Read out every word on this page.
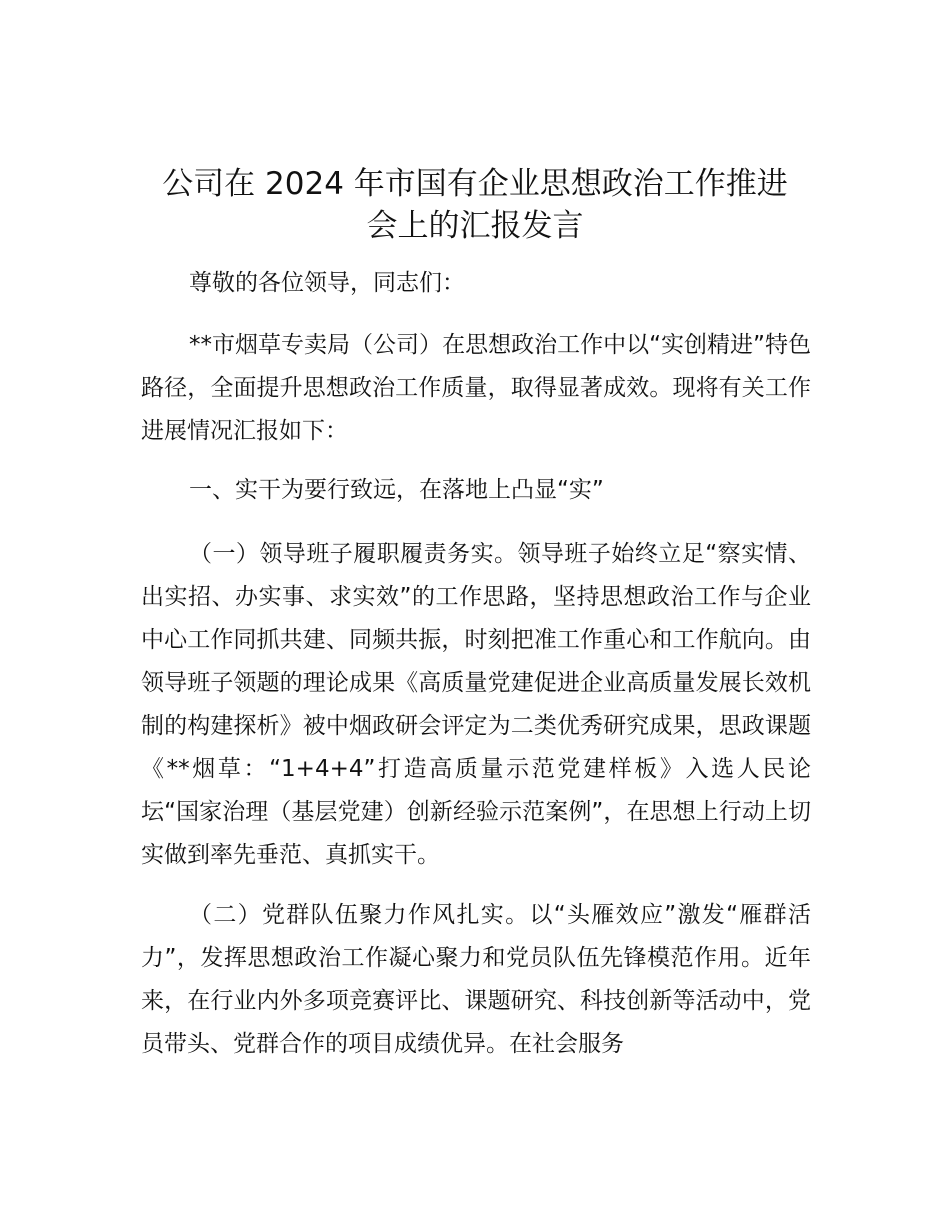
公司在 2024 年市国有企业思想政治工作推进
会上的汇报发言

尊敬的各位领导，同志们：

**市烟草专卖局（公司）在思想政治工作中以“实创精进”特色路径，全面提升思想政治工作质量，取得显著成效。现将有关工作进展情况汇报如下：

一、实干为要行致远，在落地上凸显“实”

（一）领导班子履职履责务实。领导班子始终立足“察实情、出实招、办实事、求实效”的工作思路，坚持思想政治工作与企业中心工作同抓共建、同频共振，时刻把准工作重心和工作航向。由领导班子领题的理论成果《高质量党建促进企业高质量发展长效机制的构建探析》被中烟政研会评定为二类优秀研究成果，思政课题《**烟草：“1+4+4”打造高质量示范党建样板》入选人民论坛“国家治理（基层党建）创新经验示范案例”，在思想上行动上切实做到率先垂范、真抓实干。

（二）党群队伍聚力作风扎实。以“头雁效应”激发“雁群活力”，发挥思想政治工作凝心聚力和党员队伍先锋模范作用。近年来，在行业内外多项竞赛评比、课题研究、科技创新等活动中，党员带头、党群合作的项目成绩优异。在社会服务
